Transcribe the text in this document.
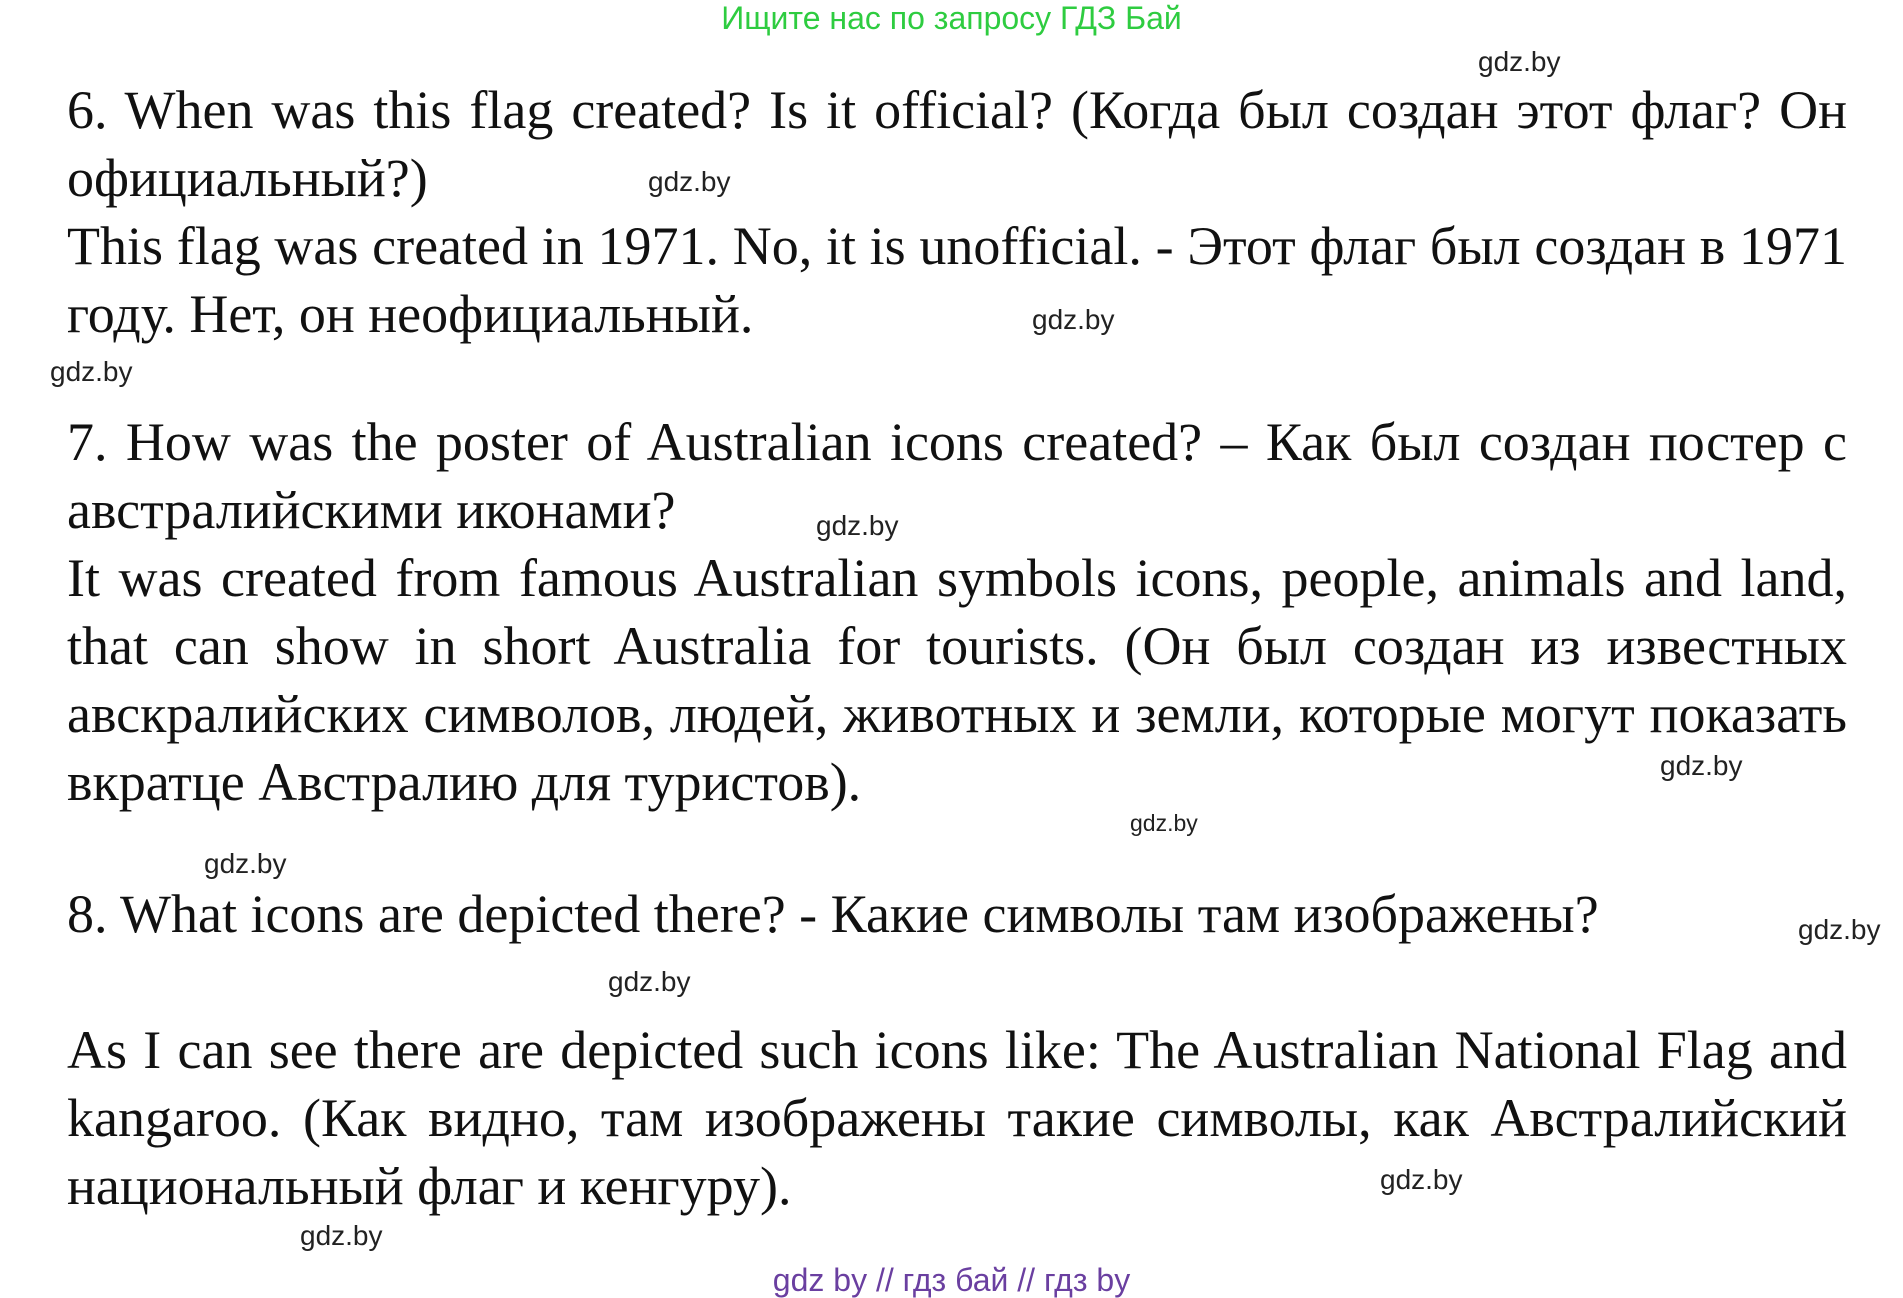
Ищите нас по запросу ГДЗ Бай

6. When was this flag created? Is it official? (Когда был создан этот флаг? Он официальный?)

This flag was created in 1971. No, it is unofficial. - Этот флаг был создан в 1971 году. Нет, он неофициальный.

7. How was the poster of Australian icons created? – Как был создан постер с австралийскими иконами?

It was created from famous Australian symbols icons, people, animals and land, that can show in short Australia for tourists. (Он был создан из известных авскралийских символов, людей, животных и земли, которые могут показать вкратце Австралию для туристов).

8. What icons are depicted there? - Какие символы там изображены?

As I can see there are depicted such icons like: The Australian National Flag and kangaroo. (Как видно, там изображены такие символы, как Австралийский национальный флаг и кенгуру).

gdz.by
gdz.by
gdz.by
gdz.by
gdz.by
gdz.by
gdz.by
gdz.by
gdz.by
gdz.by
gdz.by
gdz.by
gdz by // гдз бай // гдз by
